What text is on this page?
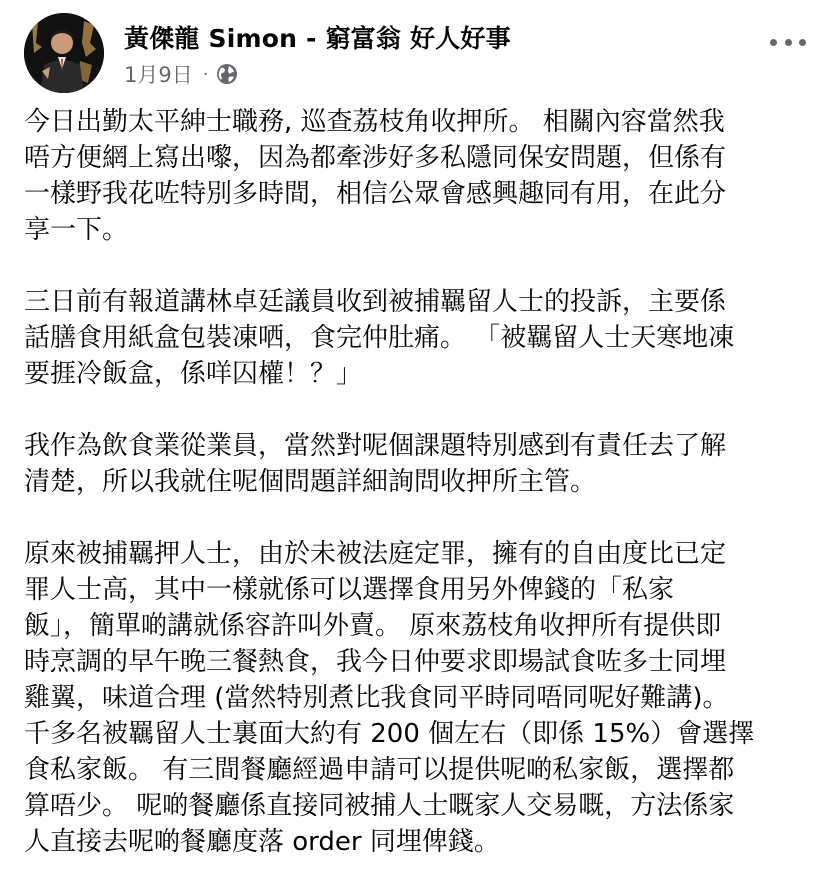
黃傑龍 Simon - 窮富翁 好人好事
1月9日 ·

今日出勤太平紳士職務, 巡查荔枝角收押所。 相關內容當然我
唔方便網上寫出嚟，因為都牽涉好多私隱同保安問題，但係有
一樣野我花咗特別多時間，相信公眾會感興趣同有用，在此分
享一下。

三日前有報道講林卓廷議員收到被捕羈留人士的投訴，主要係
話膳食用紙盒包裝凍哂，食完仲肚痛。 「被羈留人士天寒地凍
要捱冷飯盒，係咩囚權！？」

我作為飲食業從業員，當然對呢個課題特別感到有責任去了解
清楚，所以我就住呢個問題詳細詢問收押所主管。

原來被捕羈押人士，由於未被法庭定罪，擁有的自由度比已定
罪人士高，其中一樣就係可以選擇食用另外俾錢的「私家
飯」，簡單啲講就係容許叫外賣。 原來荔枝角收押所有提供即
時烹調的早午晚三餐熱食，我今日仲要求即場試食咗多士同埋
雞翼，味道合理 (當然特別煮比我食同平時同唔同呢好難講)。
千多名被羈留人士裏面大約有 200 個左右（即係 15%）會選擇
食私家飯。 有三間餐廳經過申請可以提供呢啲私家飯，選擇都
算唔少。 呢啲餐廳係直接同被捕人士嘅家人交易嘅，方法係家
人直接去呢啲餐廳度落 order 同埋俾錢。
